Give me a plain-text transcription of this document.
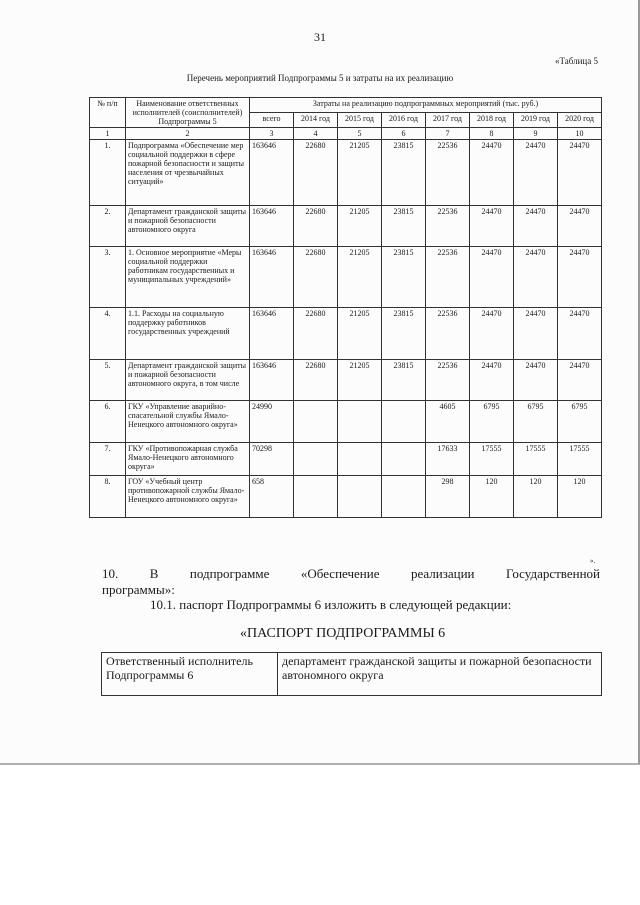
31
«Таблица 5
Перечень мероприятий Подпрограммы 5 и затраты на их реализацию
№ п/п	Наименование ответственных исполнителей (соисполнителей) Подпрограммы 5	Затраты на реализацию подпрограммных мероприятий (тыс. руб.)							
		всего	2014 год	2015 год	2016 год	2017 год	2018 год	2019 год	2020 год
1	2	3	4	5	6	7	8	9	10
1.	Подпрограмма «Обеспечение мер социальной поддержки в сфере пожарной безопасности и защиты населения от чрезвычайных ситуаций»	163646	22680	21205	23815	22536	24470	24470	24470
2.	Департамент гражданской защиты и пожарной безопасности автономного округа	163646	22680	21205	23815	22536	24470	24470	24470
3.	1. Основное мероприятие «Меры социальной поддержки работникам государственных и муниципальных учреждений»	163646	22680	21205	23815	22536	24470	24470	24470
4.	1.1. Расходы на социальную поддержку работников государственных учреждений	163646	22680	21205	23815	22536	24470	24470	24470
5.	Департамент гражданской защиты и пожарной безопасности автономного округа, в том числе	163646	22680	21205	23815	22536	24470	24470	24470
6.	ГКУ «Управление аварийно-спасательной службы Ямало-Ненецкого автономного округа»	24990				4605	6795	6795	6795
7.	ГКУ «Противопожарная служба Ямало-Ненецкого автономного округа»	70298				17633	17555	17555	17555
8.	ГОУ «Учебный центр противопожарной службы Ямало-Ненецкого автономного округа»	658				298	120	120	120
».
10. В подпрограмме «Обеспечение реализации Государственной
программы»:
10.1. паспорт Подпрограммы 6 изложить в следующей редакции:
«ПАСПОРТ ПОДПРОГРАММЫ 6
Ответственный исполнитель Подпрограммы 6	департамент гражданской защиты и пожарной безопасности автономного округа
